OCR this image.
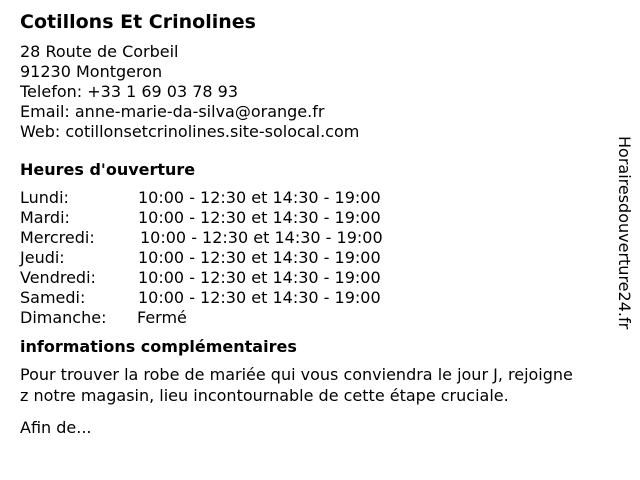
Cotillons Et Crinolines
28 Route de Corbeil
91230 Montgeron
Telefon: +33 1 69 03 78 93
Email: anne-marie-da-silva@orange.fr
Web: cotillonsetcrinolines.site-solocal.com
Heures d'ouverture
Lundi:	10:00 - 12:30 et 14:30 - 19:00
Mardi:	10:00 - 12:30 et 14:30 - 19:00
Mercredi:	10:00 - 12:30 et 14:30 - 19:00
Jeudi:	10:00 - 12:30 et 14:30 - 19:00
Vendredi:	10:00 - 12:30 et 14:30 - 19:00
Samedi:	10:00 - 12:30 et 14:30 - 19:00
Dimanche: Fermé
informations complémentaires

Pour trouver la robe de mariée qui vous conviendra le jour J, rejoigne
z notre magasin, lieu incontournable de cette étape cruciale.

Afin de...
Horairesdouverture24.fr
